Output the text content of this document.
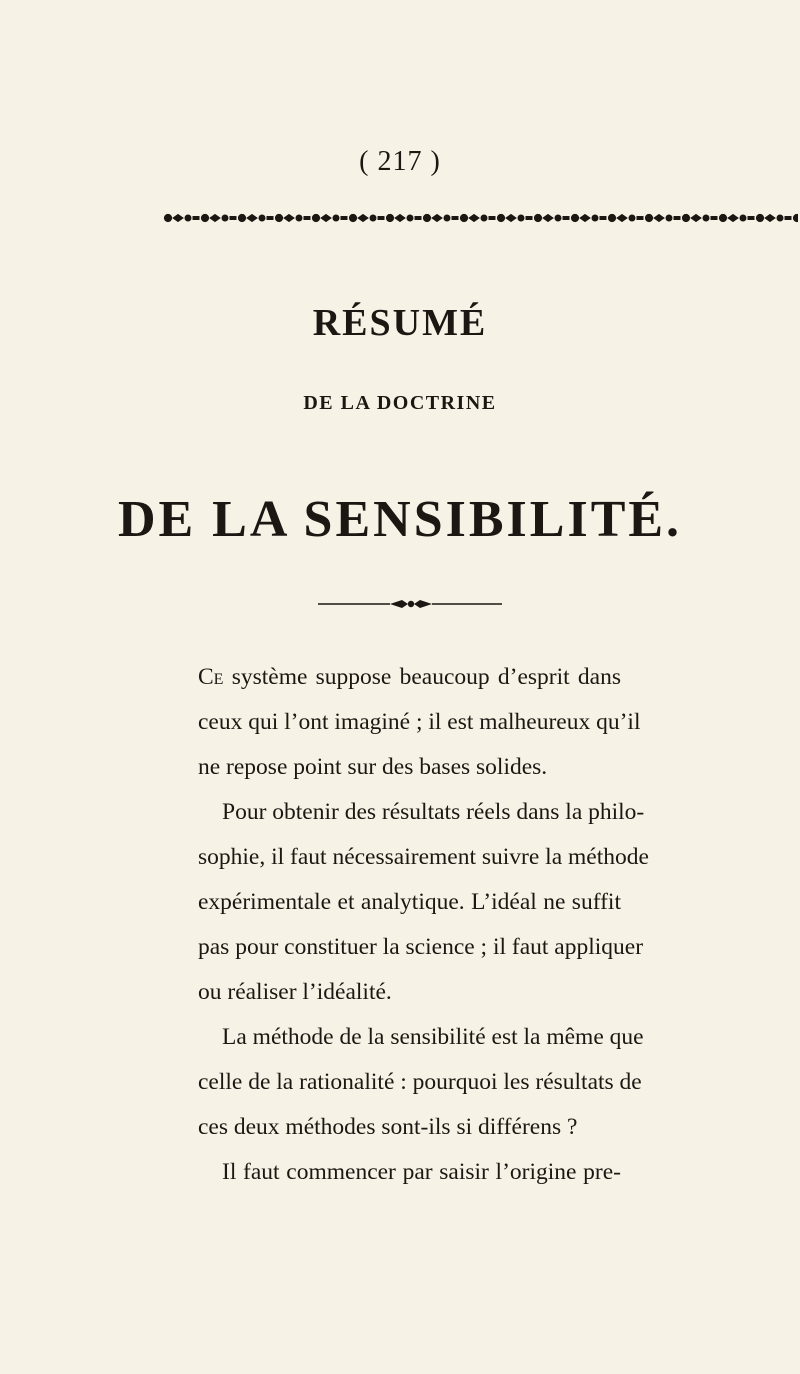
( 217 )
RÉSUMÉ
DE LA DOCTRINE
DE LA SENSIBILITÉ.
Ce système suppose beaucoup d’esprit dans
ceux qui l’ont imaginé ; il est malheureux qu’il
ne repose point sur des bases solides.
Pour obtenir des résultats réels dans la philo-
sophie, il faut nécessairement suivre la méthode
expérimentale et analytique. L’idéal ne suffit
pas pour constituer la science ; il faut appliquer
ou réaliser l’idéalité.
La méthode de la sensibilité est la même que
celle de la rationalité : pourquoi les résultats de
ces deux méthodes sont-ils si différens ?
Il faut commencer par saisir l’origine pre-
